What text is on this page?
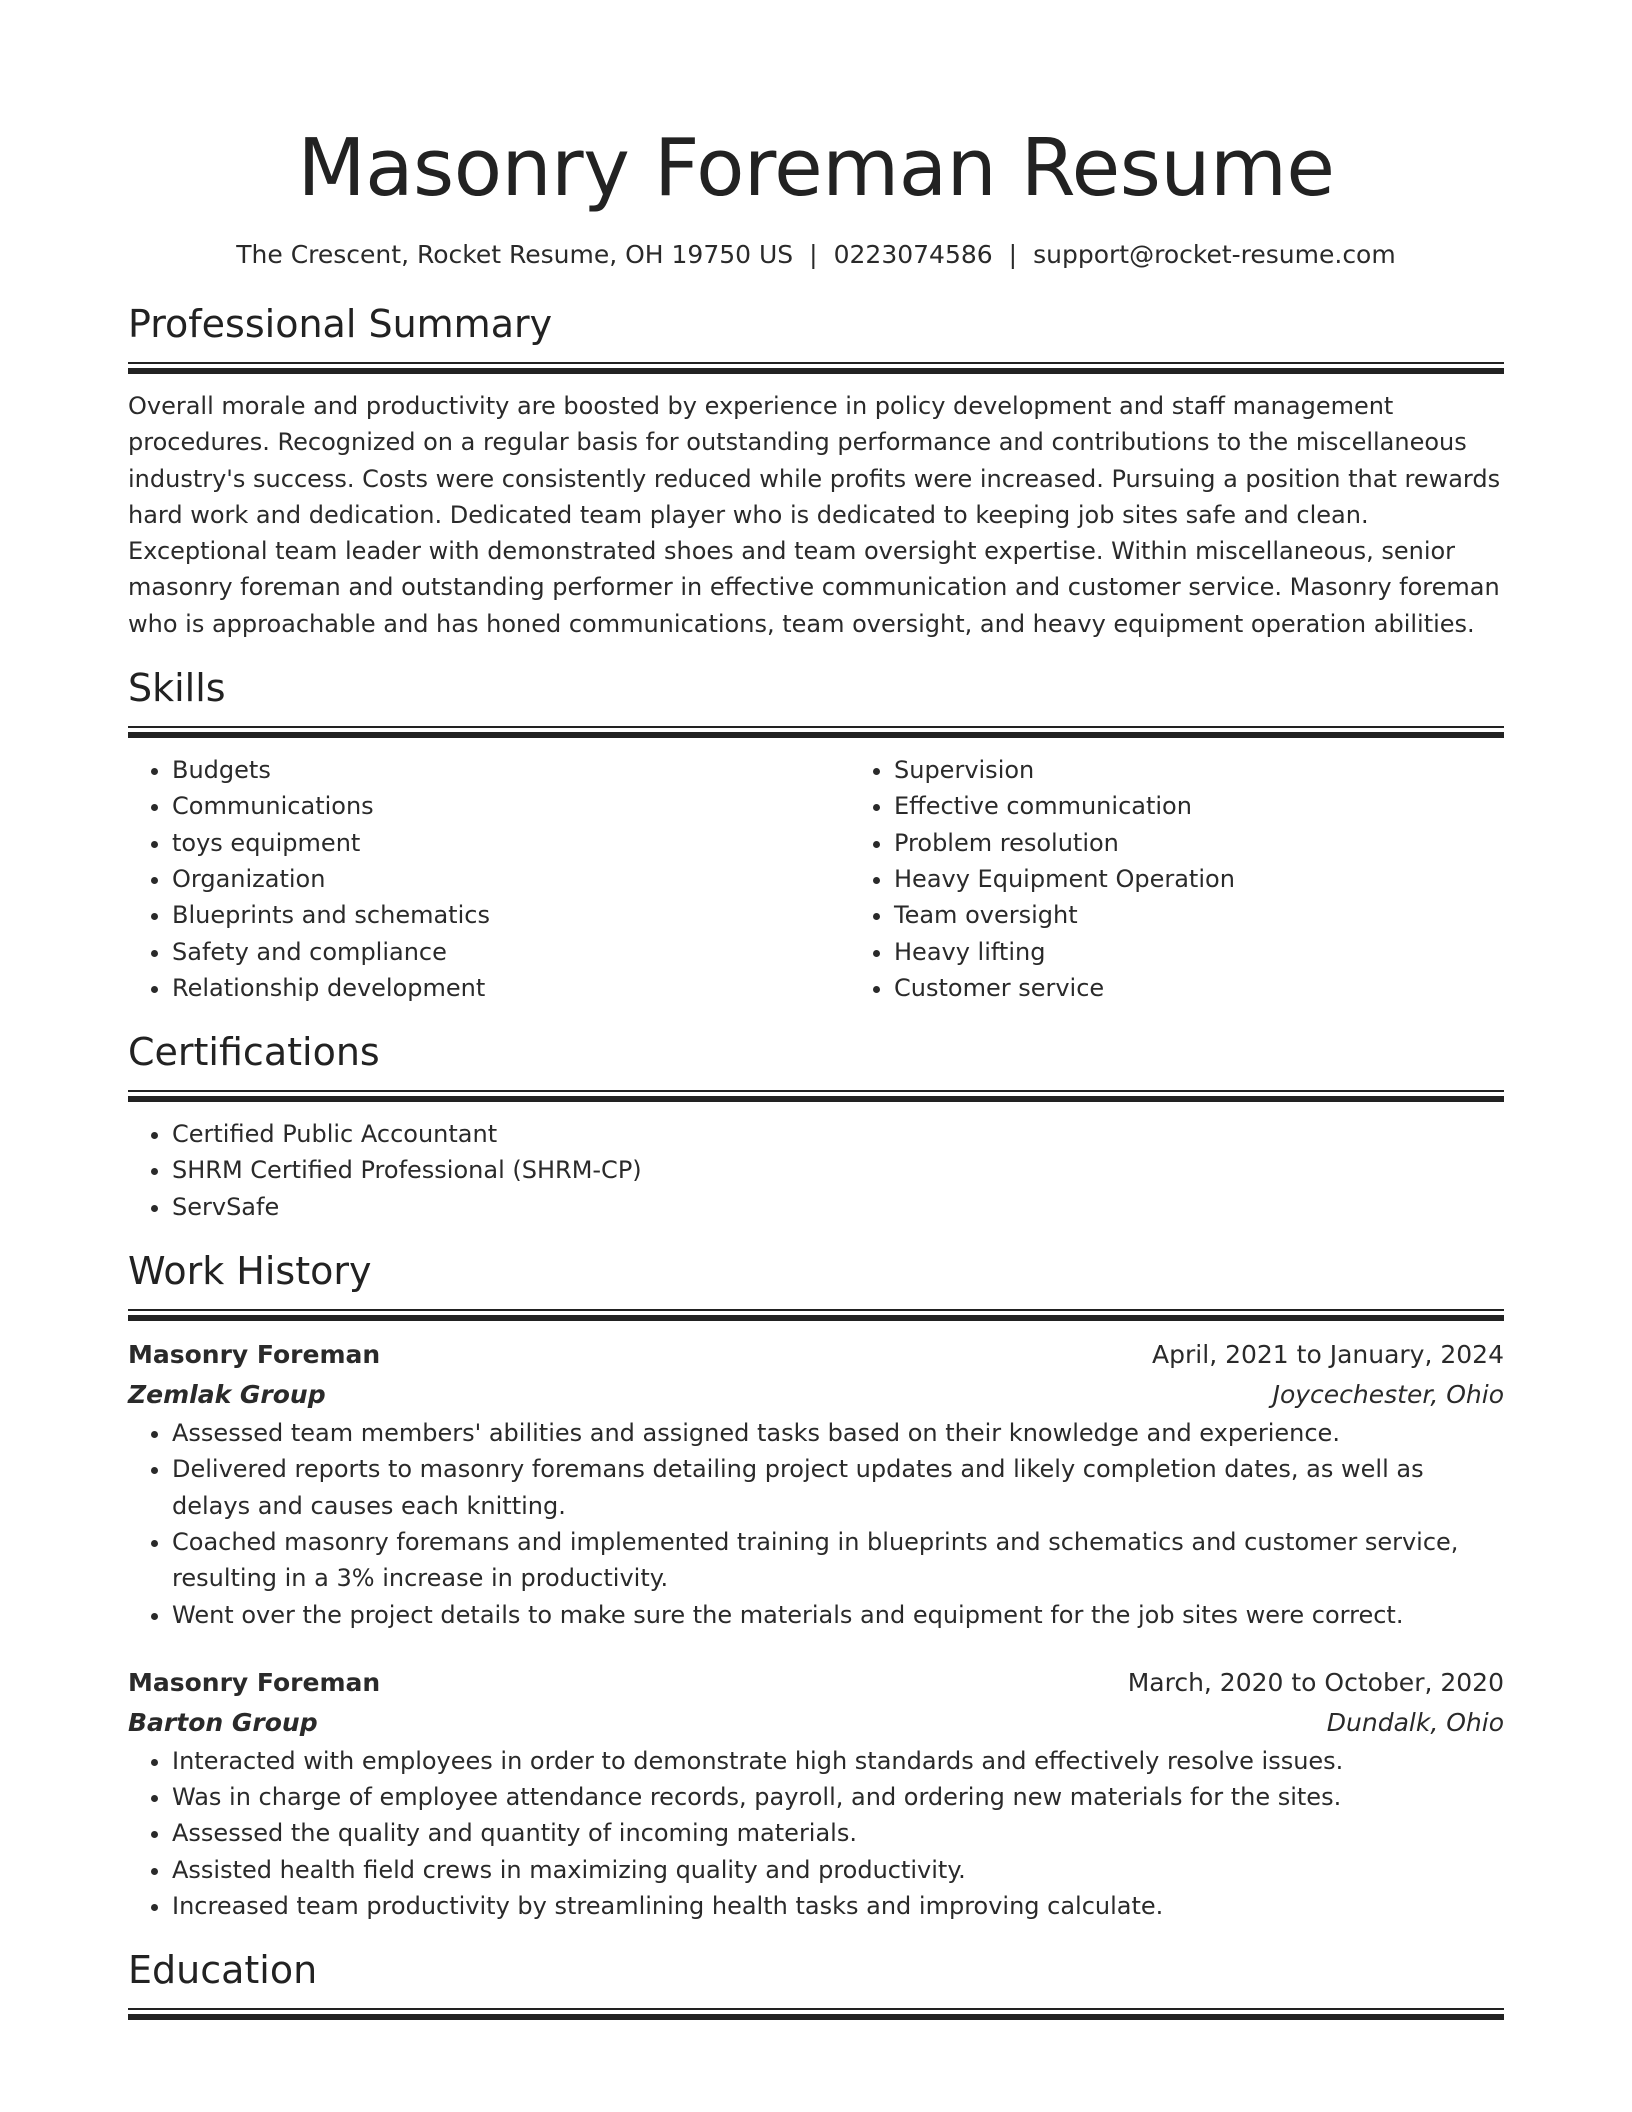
Masonry Foreman Resume
The Crescent, Rocket Resume, OH 19750 US | 0223074586 | support@rocket-resume.com
Professional Summary

Overall morale and productivity are boosted by experience in policy development and staff management procedures. Recognized on a regular basis for outstanding performance and contributions to the miscellaneous industry's success. Costs were consistently reduced while profits were increased. Pursuing a position that rewards hard work and dedication. Dedicated team player who is dedicated to keeping job sites safe and clean. Exceptional team leader with demonstrated shoes and team oversight expertise. Within miscellaneous, senior masonry foreman and outstanding performer in effective communication and customer service. Masonry foreman who is approachable and has honed communications, team oversight, and heavy equipment operation abilities.

Skills
• Budgets
• Communications
• toys equipment
• Organization
• Blueprints and schematics
• Safety and compliance
• Relationship development
• Supervision
• Effective communication
• Problem resolution
• Heavy Equipment Operation
• Team oversight
• Heavy lifting
• Customer service
Certifications
• Certified Public Accountant
• SHRM Certified Professional (SHRM-CP)
• ServSafe
Work History
Masonry Foreman	April, 2021 to January, 2024
Zemlak Group	Joycechester, Ohio
• Assessed team members' abilities and assigned tasks based on their knowledge and experience.
• Delivered reports to masonry foremans detailing project updates and likely completion dates, as well as delays and causes each knitting.
• Coached masonry foremans and implemented training in blueprints and schematics and customer service, resulting in a 3% increase in productivity.
• Went over the project details to make sure the materials and equipment for the job sites were correct.
Masonry Foreman	March, 2020 to October, 2020
Barton Group	Dundalk, Ohio
• Interacted with employees in order to demonstrate high standards and effectively resolve issues.
• Was in charge of employee attendance records, payroll, and ordering new materials for the sites.
• Assessed the quality and quantity of incoming materials.
• Assisted health field crews in maximizing quality and productivity.
• Increased team productivity by streamlining health tasks and improving calculate.
Education
